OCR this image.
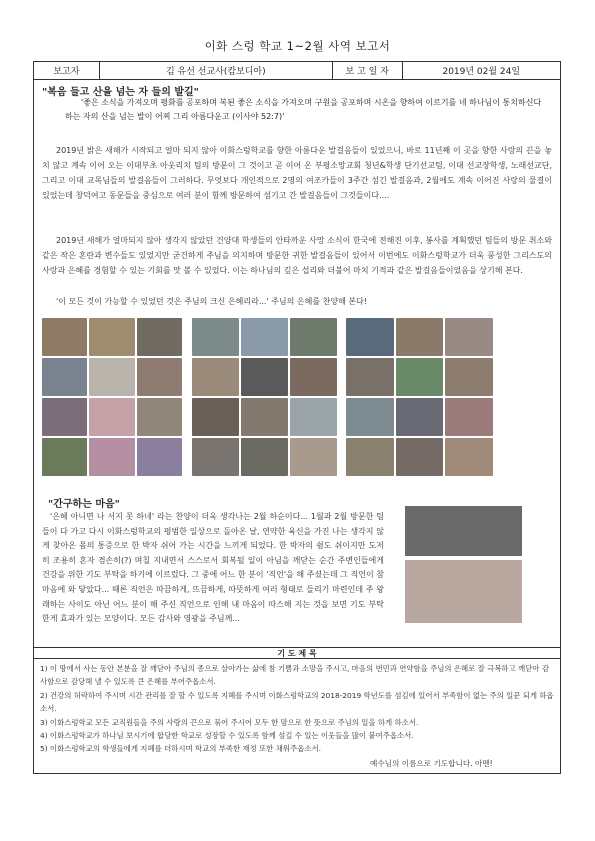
이화 스렁 학교 1~2월 사역 보고서
보고자	김 유선 선교사(캄보디아)	보 고 일 자	2019년 02월 24일
"복음 들고 산을 넘는 자 들의 발길"
'좋은 소식을 가져오며 평화를 공포하며 복된 좋은 소식을 가져오며 구원을 공포하며 시온을 향하여 이르기를 네 하나님이 통치하신다 하는 자의 산을 넘는 발이 어찌 그리 아름다운고 (이사야 52:7)'
2019년 밝은 새해가 시작되고 얼마 되지 않아 이화스렁학교를 향한 아름다운 발걸음들이 있었으니, 바로 11년째 이 곳을 향한 사랑의 끈을 놓치 않고 계속 이어 오는 이대부초 아웃리치 팀의 방문이 그 것이고 곧 이어 온 부평소망교회 청년&학생 단기선교팀, 이대 선교장학생, 노래선교단, 그리고 이대 교목님들의 발걸음들이 그러하다. 무엇보다 개인적으로 2명의 여조카들이 3주간 섬긴 발걸음과, 2월에도 계속 이어진 사랑의 물결이 있었는데 창덕여고 동문들을 중심으로 여러 분이 함께 방문하여 섬기고 간 발걸음들이 그것들이다....
2019년 새해가 얼마되지 않아 생각지 않았던 건양대 학생들의 안타까운 사망 소식이 한국에 전해진 이후, 봉사를 계획했던 팀들의 방문 취소와 같은 작은 혼란과 변수들도 있었지만 굳건하게 주님을 의지하며 방문한 귀한 발걸음들이 있어서 이번에도 이화스렁학교가 더욱 풍성한 그리스도의 사랑과 은혜를 경험할 수 있는 기회를 맛 볼 수 있었다. 이는 하나님의 깊은 섭리와 더불어 마치 기적과 같은 발걸음들이었음을 상기해 본다.
'이 모든 것이 가능할 수 있었던 것은 주님의 크신 은혜리라...' 주님의 은혜를 찬양해 본다!
"간구하는 마음"
'은혜 아니면 나 서지 못 하네' 라는 찬양이 더욱 생각나는 2월 하순이다... 1월과 2월 방문한 팀들이 다 가고 다시 이화스렁학교의 평범한 일상으로 돌아온 날, 연약한 육신을 가진 나는 생각지 않게 찾아온 몸의 통증으로 한 박자 쉬어 가는 시간을 느끼게 되었다. 한 박자의 쉼도 쉬이지만 도저히 조용히 혼자 겸손히(?) 며칠 지내면서 스스로서 회복될 일이 아님을 깨닫는 순간 주변인들에게 건강을 위한 기도 부탁을 하기에 이르렀다. 그 중에 어느 한 분이 '직언'을 해 주셨는데 그 직언이 참 마음에 와 닿았다... 때론 직언은 따끔하게, 뜨끔하게, 따뜻하게 여러 형태로 들리기 마련인데 주 왕래하는 사이도 아닌 어느 분이 해 주신 직언으로 인해 내 마음이 따스해 지는 것을 보면 기도 부탁한게 효과가 있는 모양이다. 모든 감사와 영광을 주님께...
기 도 제 목

1) 이 땅에서 사는 동안 본분을 잘 깨닫아 주님의 종으로 살아가는 삶에 참 기쁨과 소망을 주시고, 마음의 번민과 연약함을 주님의 은혜로 잘 극복하고 깨닫아 감사함으로 감당해 낼 수 있도록 큰 은혜를 부어주옵소서.

2) 건강의 허락하여 주시며 시간 관리를 잘 할 수 있도록 지혜를 주시며 이화스렁학교의 2018-2019 학년도를 섬김에 있어서 부족함이 없는 주의 일꾼 되게 하옵소서.

3) 이화스렁학교 모든 교직원들을 주의 사랑의 끈으로 묶어 주시어 모두 한 맘으로 한 뜻으로 주님의 일을 하게 하소서.

4) 이화스렁학교가 하나님 보시기에 합당한 학교로 성장할 수 있도록 함께 섬길 수 있는 이웃들을 많이 붙여주옵소서.

5) 이화스렁학교의 학생들에게 지혜를 더하시며 학교의 부족한 재정 또한 채워주옵소서.

예수님의 이름으로 기도합니다. 아멘!
